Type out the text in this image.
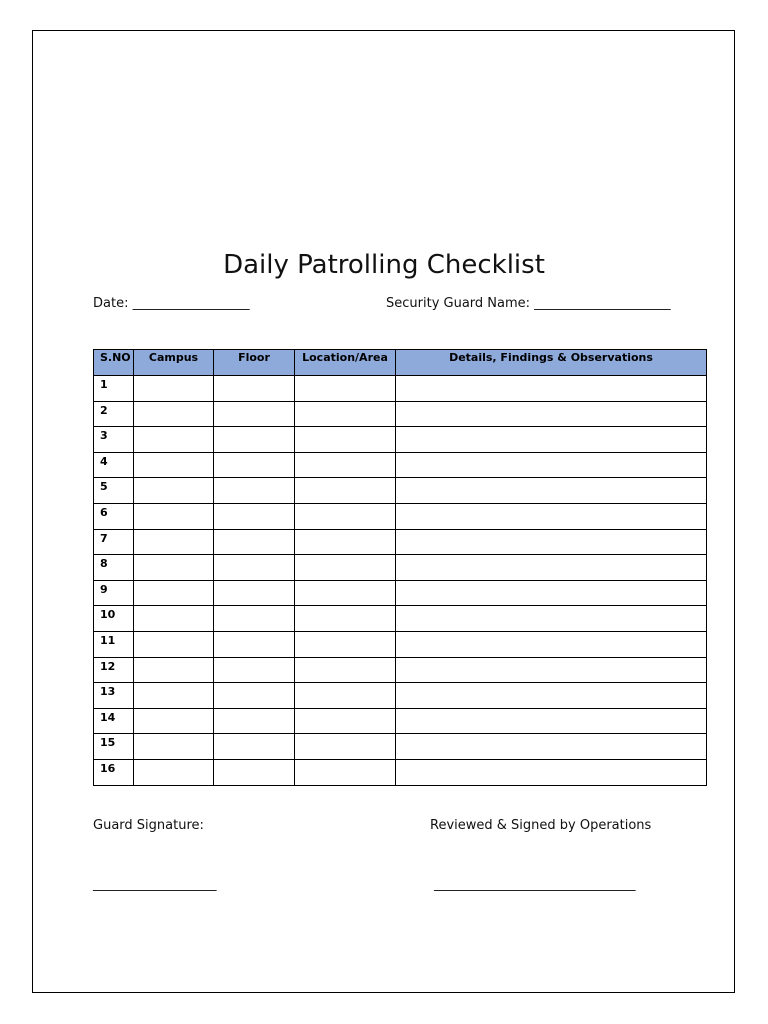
Daily Patrolling Checklist
Date: __________________	Security Guard Name: _____________________
S.NO	Campus	Floor	Location/Area	Details, Findings & Observations
1				
2				
3				
4				
5				
6				
7				
8				
9				
10				
11				
12				
13				
14				
15				
16				
Guard Signature:	Reviewed & Signed by Operations
___________________	_______________________________
